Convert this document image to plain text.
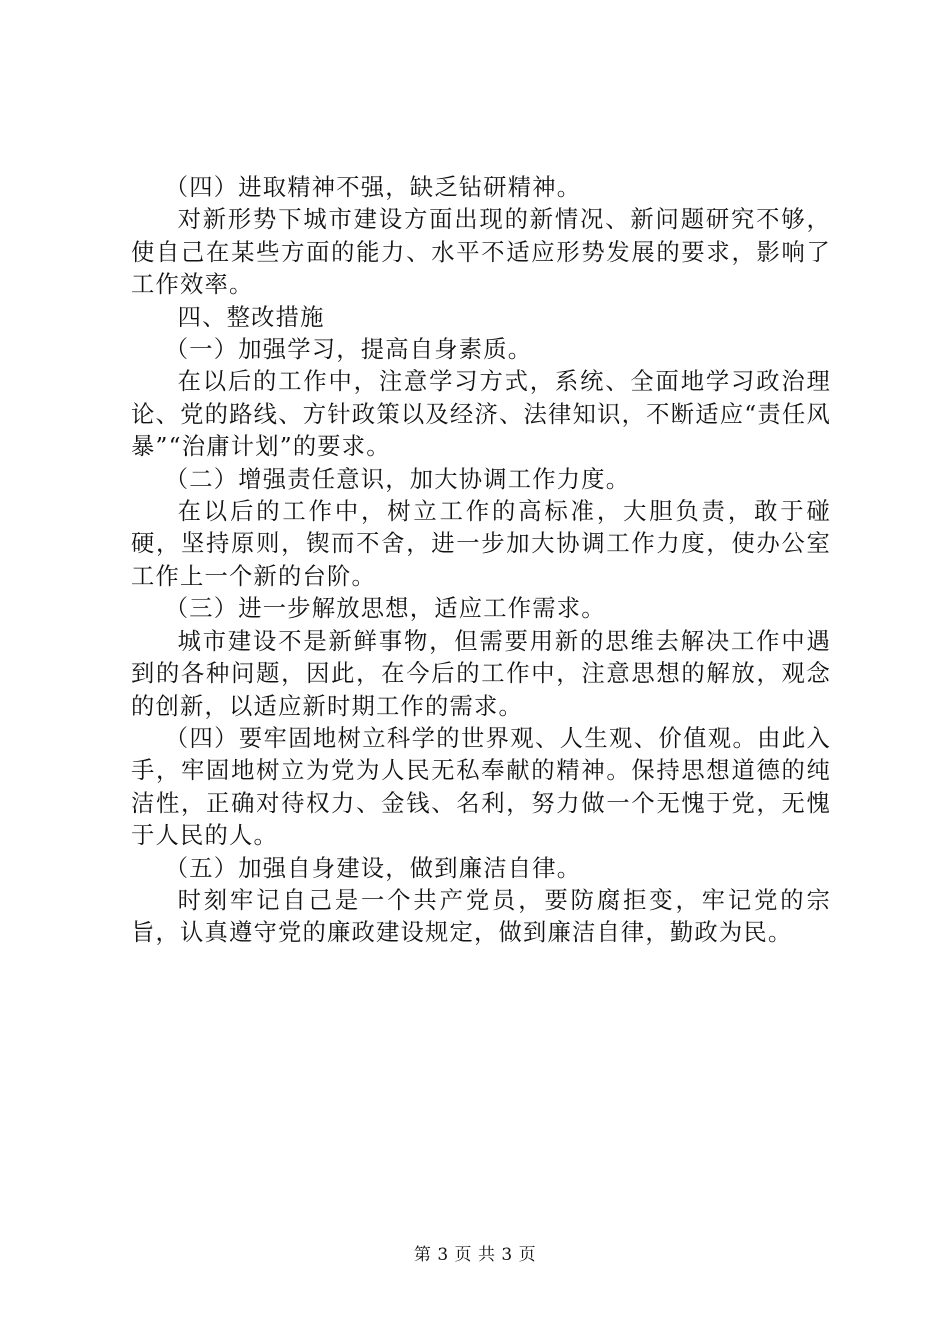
（四）进取精神不强，缺乏钻研精神。

对新形势下城市建设方面出现的新情况、新问题研究不够，使自己在某些方面的能力、水平不适应形势发展的要求，影响了工作效率。

四、整改措施

（一）加强学习，提高自身素质。

在以后的工作中，注意学习方式，系统、全面地学习政治理论、党的路线、方针政策以及经济、法律知识，不断适应“责任风暴”“治庸计划”的要求。

（二）增强责任意识，加大协调工作力度。

在以后的工作中，树立工作的高标准，大胆负责，敢于碰硬，坚持原则，锲而不舍，进一步加大协调工作力度，使办公室工作上一个新的台阶。

（三）进一步解放思想，适应工作需求。

城市建设不是新鲜事物，但需要用新的思维去解决工作中遇到的各种问题，因此，在今后的工作中，注意思想的解放，观念的创新，以适应新时期工作的需求。

（四）要牢固地树立科学的世界观、人生观、价值观。由此入手，牢固地树立为党为人民无私奉献的精神。保持思想道德的纯洁性，正确对待权力、金钱、名利，努力做一个无愧于党，无愧于人民的人。

（五）加强自身建设，做到廉洁自律。

时刻牢记自己是一个共产党员，要防腐拒变，牢记党的宗旨，认真遵守党的廉政建设规定，做到廉洁自律，勤政为民。

第 3 页 共 3 页
